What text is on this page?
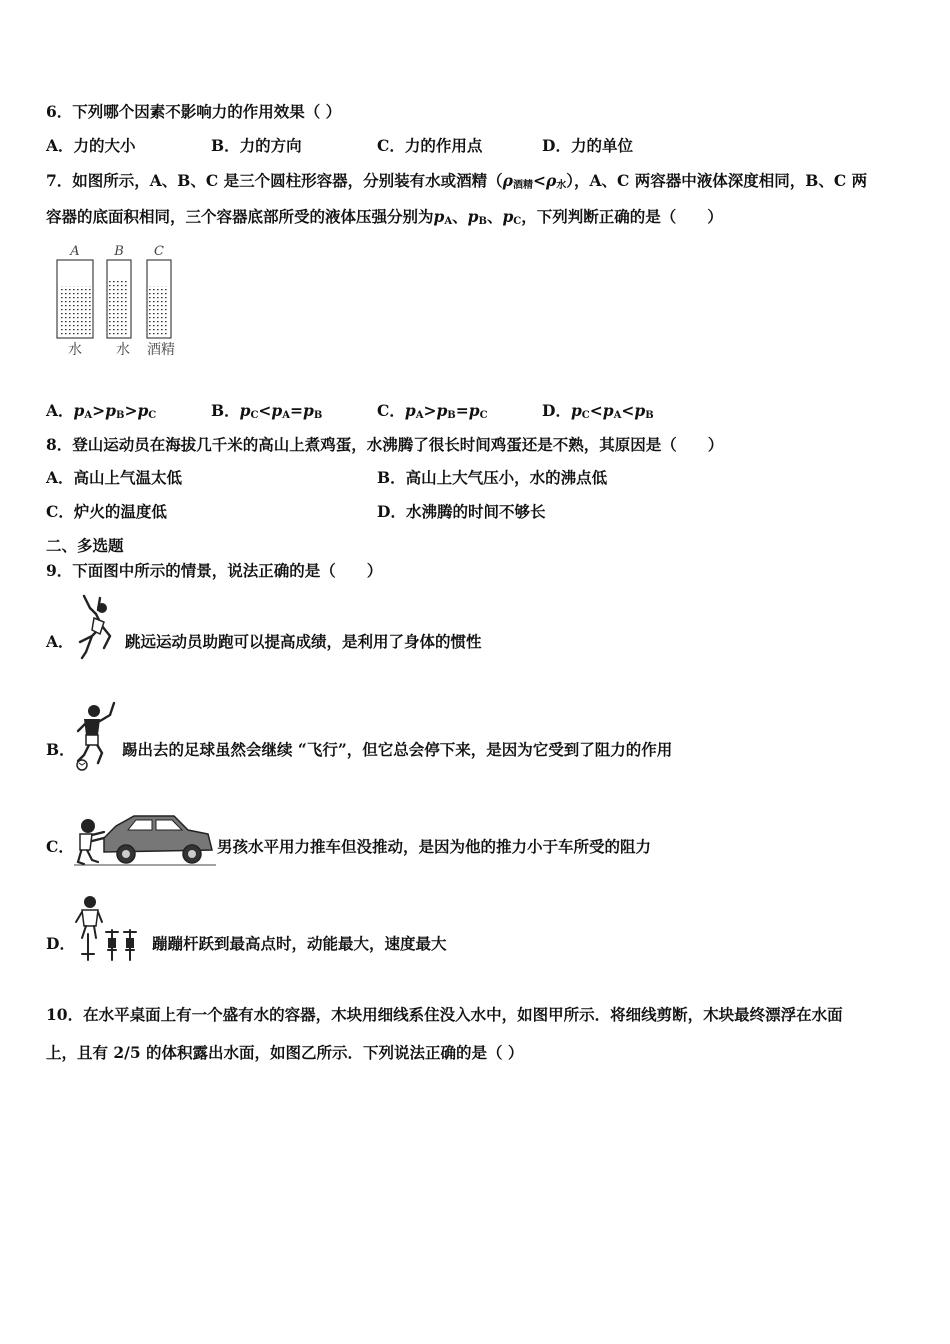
6．下列哪个因素不影响力的作用效果（ ）
A．力的大小	B．力的方向	C．力的作用点	D．力的单位
7．如图所示，A、B、C 是三个圆柱形容器，分别装有水或酒精$(\rho_{酒精}<\rho_水)$，A、C 两容器中液体深度相同，B、C 两
容器的底面积相同，三个容器底部所受的液体压强分别为$p_A$、$p_B$、$p_C$，下列判断正确的是（　　）
A	B C
水 水 酒精
A．$p_A>p_B>p_C$	B．$p_C<p_A=p_B$	C．$p_A>p_B=p_C$	D．$p_C<p_A<p_B$
8．登山运动员在海拔几千米的高山上煮鸡蛋，水沸腾了很长时间鸡蛋还是不熟，其原因是（　　）
A．高山上气温太低	B．高山上大气压小，水的沸点低
C．炉火的温度低	D．水沸腾的时间不够长
二、多选题
9．下面图中所示的情景，说法正确的是（　　）
A．	跳远运动员助跑可以提高成绩，是利用了身体的惯性
B．	踢出去的足球虽然会继续 “飞行”，但它总会停下来，是因为它受到了阻力的作用
C．	男孩水平用力推车但没推动，是因为他的推力小于车所受的阻力
D．	蹦蹦杆跃到最高点时，动能最大，速度最大
10．在水平桌面上有一个盛有水的容器，木块用细线系住没入水中，如图甲所示．将细线剪断，木块最终漂浮在水面
上，且有 2/5 的体积露出水面，如图乙所示．下列说法正确的是（ ）
